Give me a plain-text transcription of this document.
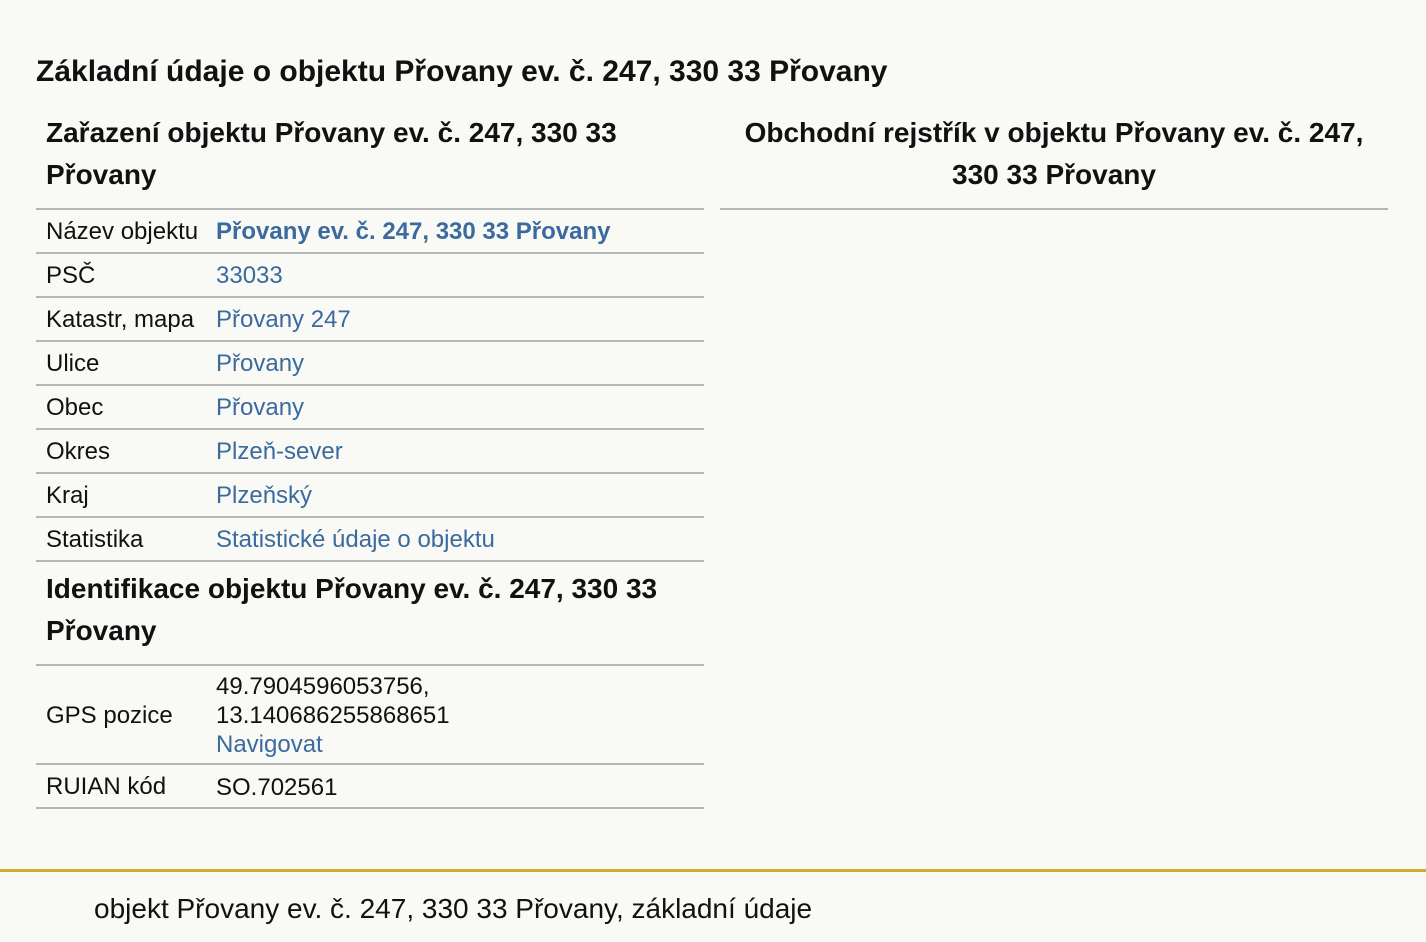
Základní údaje o objektu Přovany ev. č. 247, 330 33 Přovany
Zařazení objektu Přovany ev. č. 247, 330 33 Přovany
Název objektu	Přovany ev. č. 247, 330 33 Přovany
PSČ	33033
Katastr, mapa	Přovany 247
Ulice	Přovany
Obec	Přovany
Okres	Plzeň-sever
Kraj	Plzeňský
Statistika	Statistické údaje o objektu
Identifikace objektu Přovany ev. č. 247, 330 33 Přovany
GPS pozice	49.7904596053756,
13.140686255868651
Navigovat
RUIAN kód	SO.702561
Obchodní rejstřík v objektu Přovany ev. č. 247, 330 33 Přovany
objekt Přovany ev. č. 247, 330 33 Přovany, základní údaje
